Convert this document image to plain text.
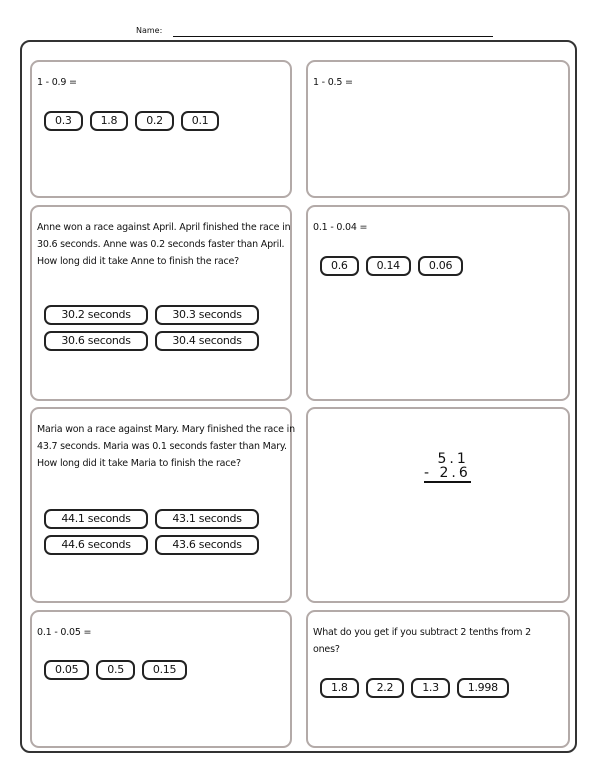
Name:
1 - 0.9 =
0.3	1.8	0.2	0.1
1 - 0.5 =
Anne won a race against April. April finished the race in 30.6 seconds. Anne was 0.2 seconds faster than April. How long did it take Anne to finish the race?
30.2 seconds	30.3 seconds
30.6 seconds	30.4 seconds
0.1 - 0.04 =
0.6	0.14	0.06
Maria won a race against Mary. Mary finished the race in 43.7 seconds. Maria was 0.1 seconds faster than Mary. How long did it take Maria to finish the race?
44.1 seconds	43.1 seconds
44.6 seconds	43.6 seconds
5.1
- 2.6
0.1 - 0.05 =
0.05	0.5	0.15
What do you get if you subtract 2 tenths from 2 ones?
1.8	2.2	1.3	1.998
